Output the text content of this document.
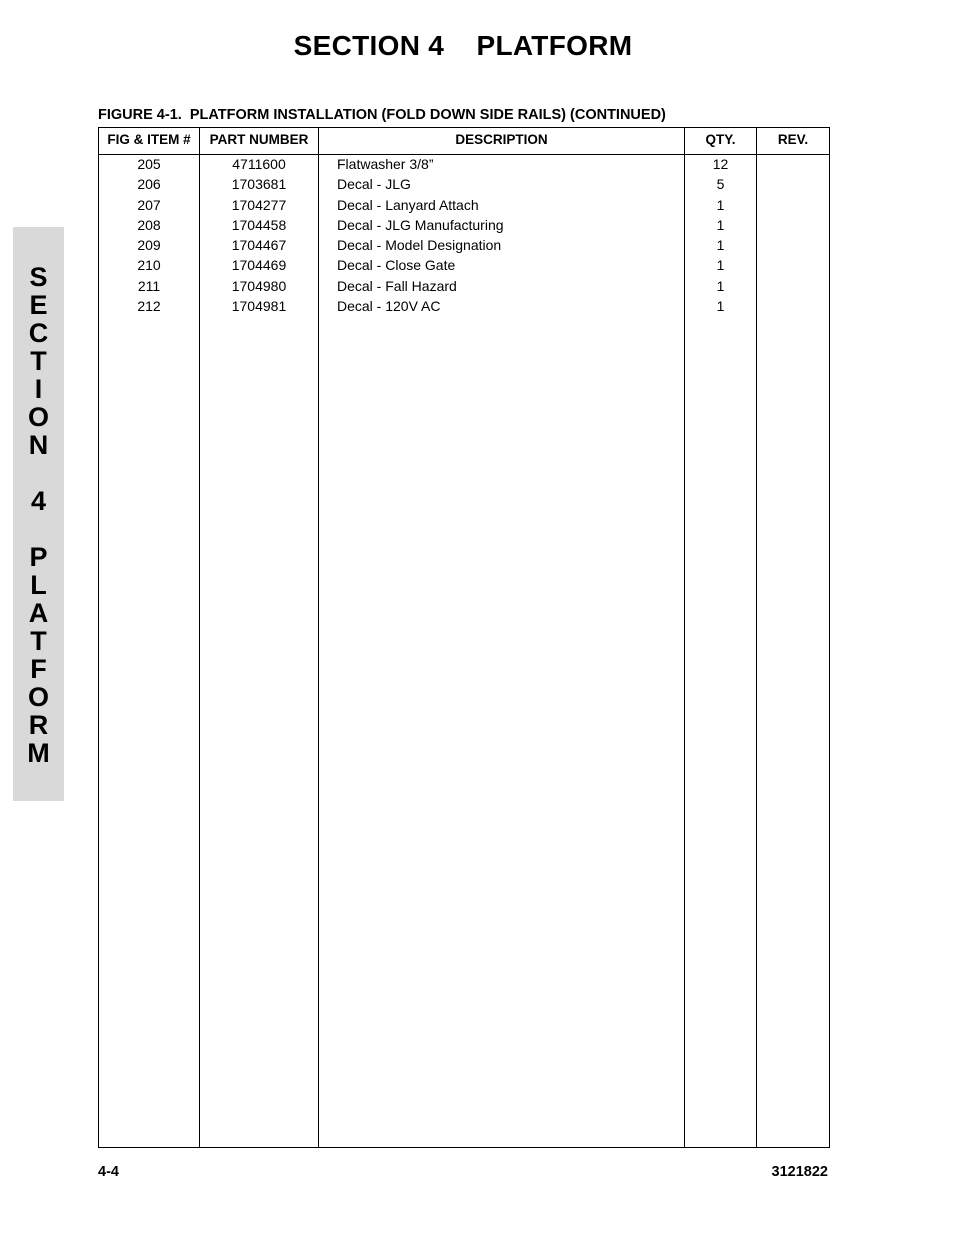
SECTION 4    PLATFORM
S
E
C
T
I
O
N
4
P
L
A
T
F
O
R
M
FIGURE 4-1.  PLATFORM INSTALLATION (FOLD DOWN SIDE RAILS) (CONTINUED)
FIG & ITEM #	PART NUMBER	DESCRIPTION	QTY.	REV.
205	4711600	Flatwasher 3/8”	12
206	1703681	Decal - JLG	5
207	1704277	Decal - Lanyard Attach	1
208	1704458	Decal - JLG Manufacturing	1
209	1704467	Decal - Model Designation	1
210	1704469	Decal - Close Gate	1
211	1704980	Decal - Fall Hazard	1
212	1704981	Decal - 120V AC	1
4-4	3121822
